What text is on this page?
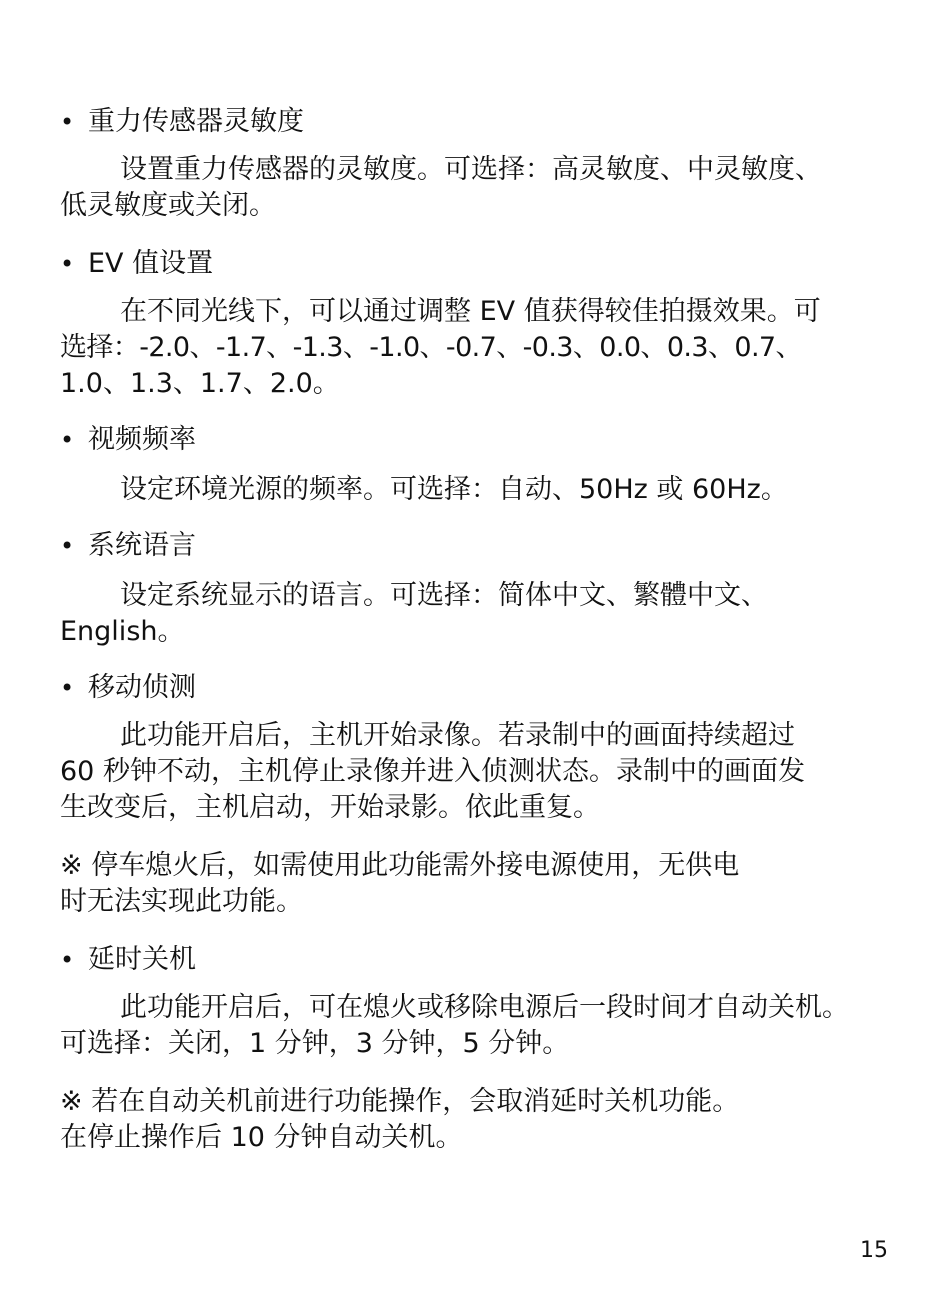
• 重力传感器灵敏度
设置重力传感器的灵敏度。可选择：高灵敏度、中灵敏度、
低灵敏度或关闭。
• EV 值设置
在不同光线下，可以通过调整 EV 值获得较佳拍摄效果。可
选择：-2.0、-1.7、-1.3、-1.0、-0.7、-0.3、0.0、0.3、0.7、
1.0、1.3、1.7、2.0。
• 视频频率
设定环境光源的频率。可选择：自动、50Hz 或 60Hz。
• 系统语言
设定系统显示的语言。可选择：简体中文、繁體中文、
English。
• 移动侦测
此功能开启后，主机开始录像。若录制中的画面持续超过
60 秒钟不动，主机停止录像并进入侦测状态。录制中的画面发
生改变后，主机启动，开始录影。依此重复。
※ 停车熄火后，如需使用此功能需外接电源使用，无供电
时无法实现此功能。
• 延时关机
此功能开启后，可在熄火或移除电源后一段时间才自动关机。
可选择：关闭，1 分钟，3 分钟，5 分钟。
※ 若在自动关机前进行功能操作，会取消延时关机功能。
在停止操作后 10 分钟自动关机。
15
